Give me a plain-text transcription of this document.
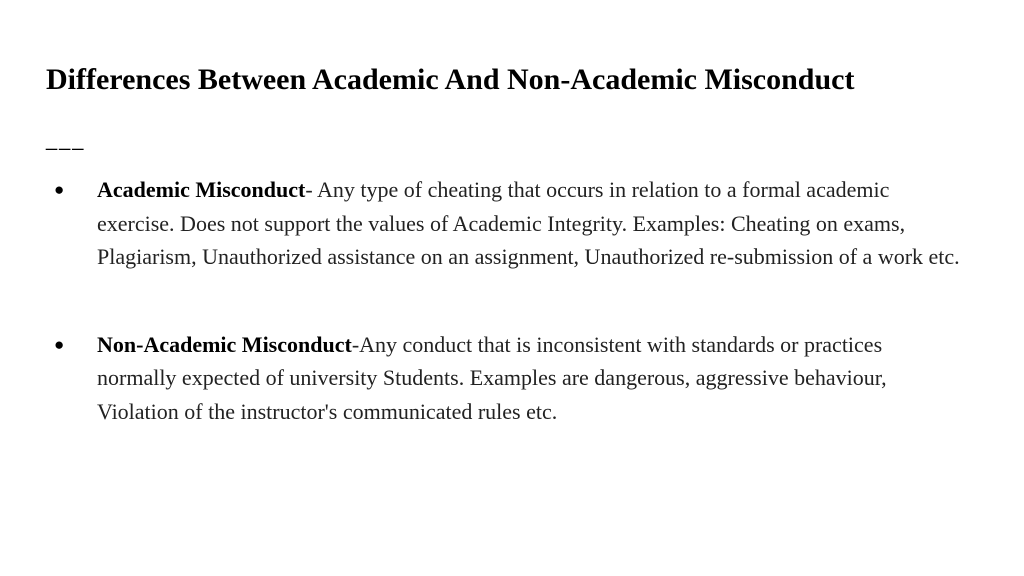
Differences Between Academic And Non-Academic Misconduct
___
● Academic Misconduct- Any type of cheating that occurs in relation to a formal academic exercise. Does not support the values of Academic Integrity. Examples: Cheating on exams, Plagiarism, Unauthorized assistance on an assignment, Unauthorized re-submission of a work etc.
● Non-Academic Misconduct-Any conduct that is inconsistent with standards or practices normally expected of university Students. Examples are dangerous, aggressive behaviour, Violation of the instructor's communicated rules etc.
